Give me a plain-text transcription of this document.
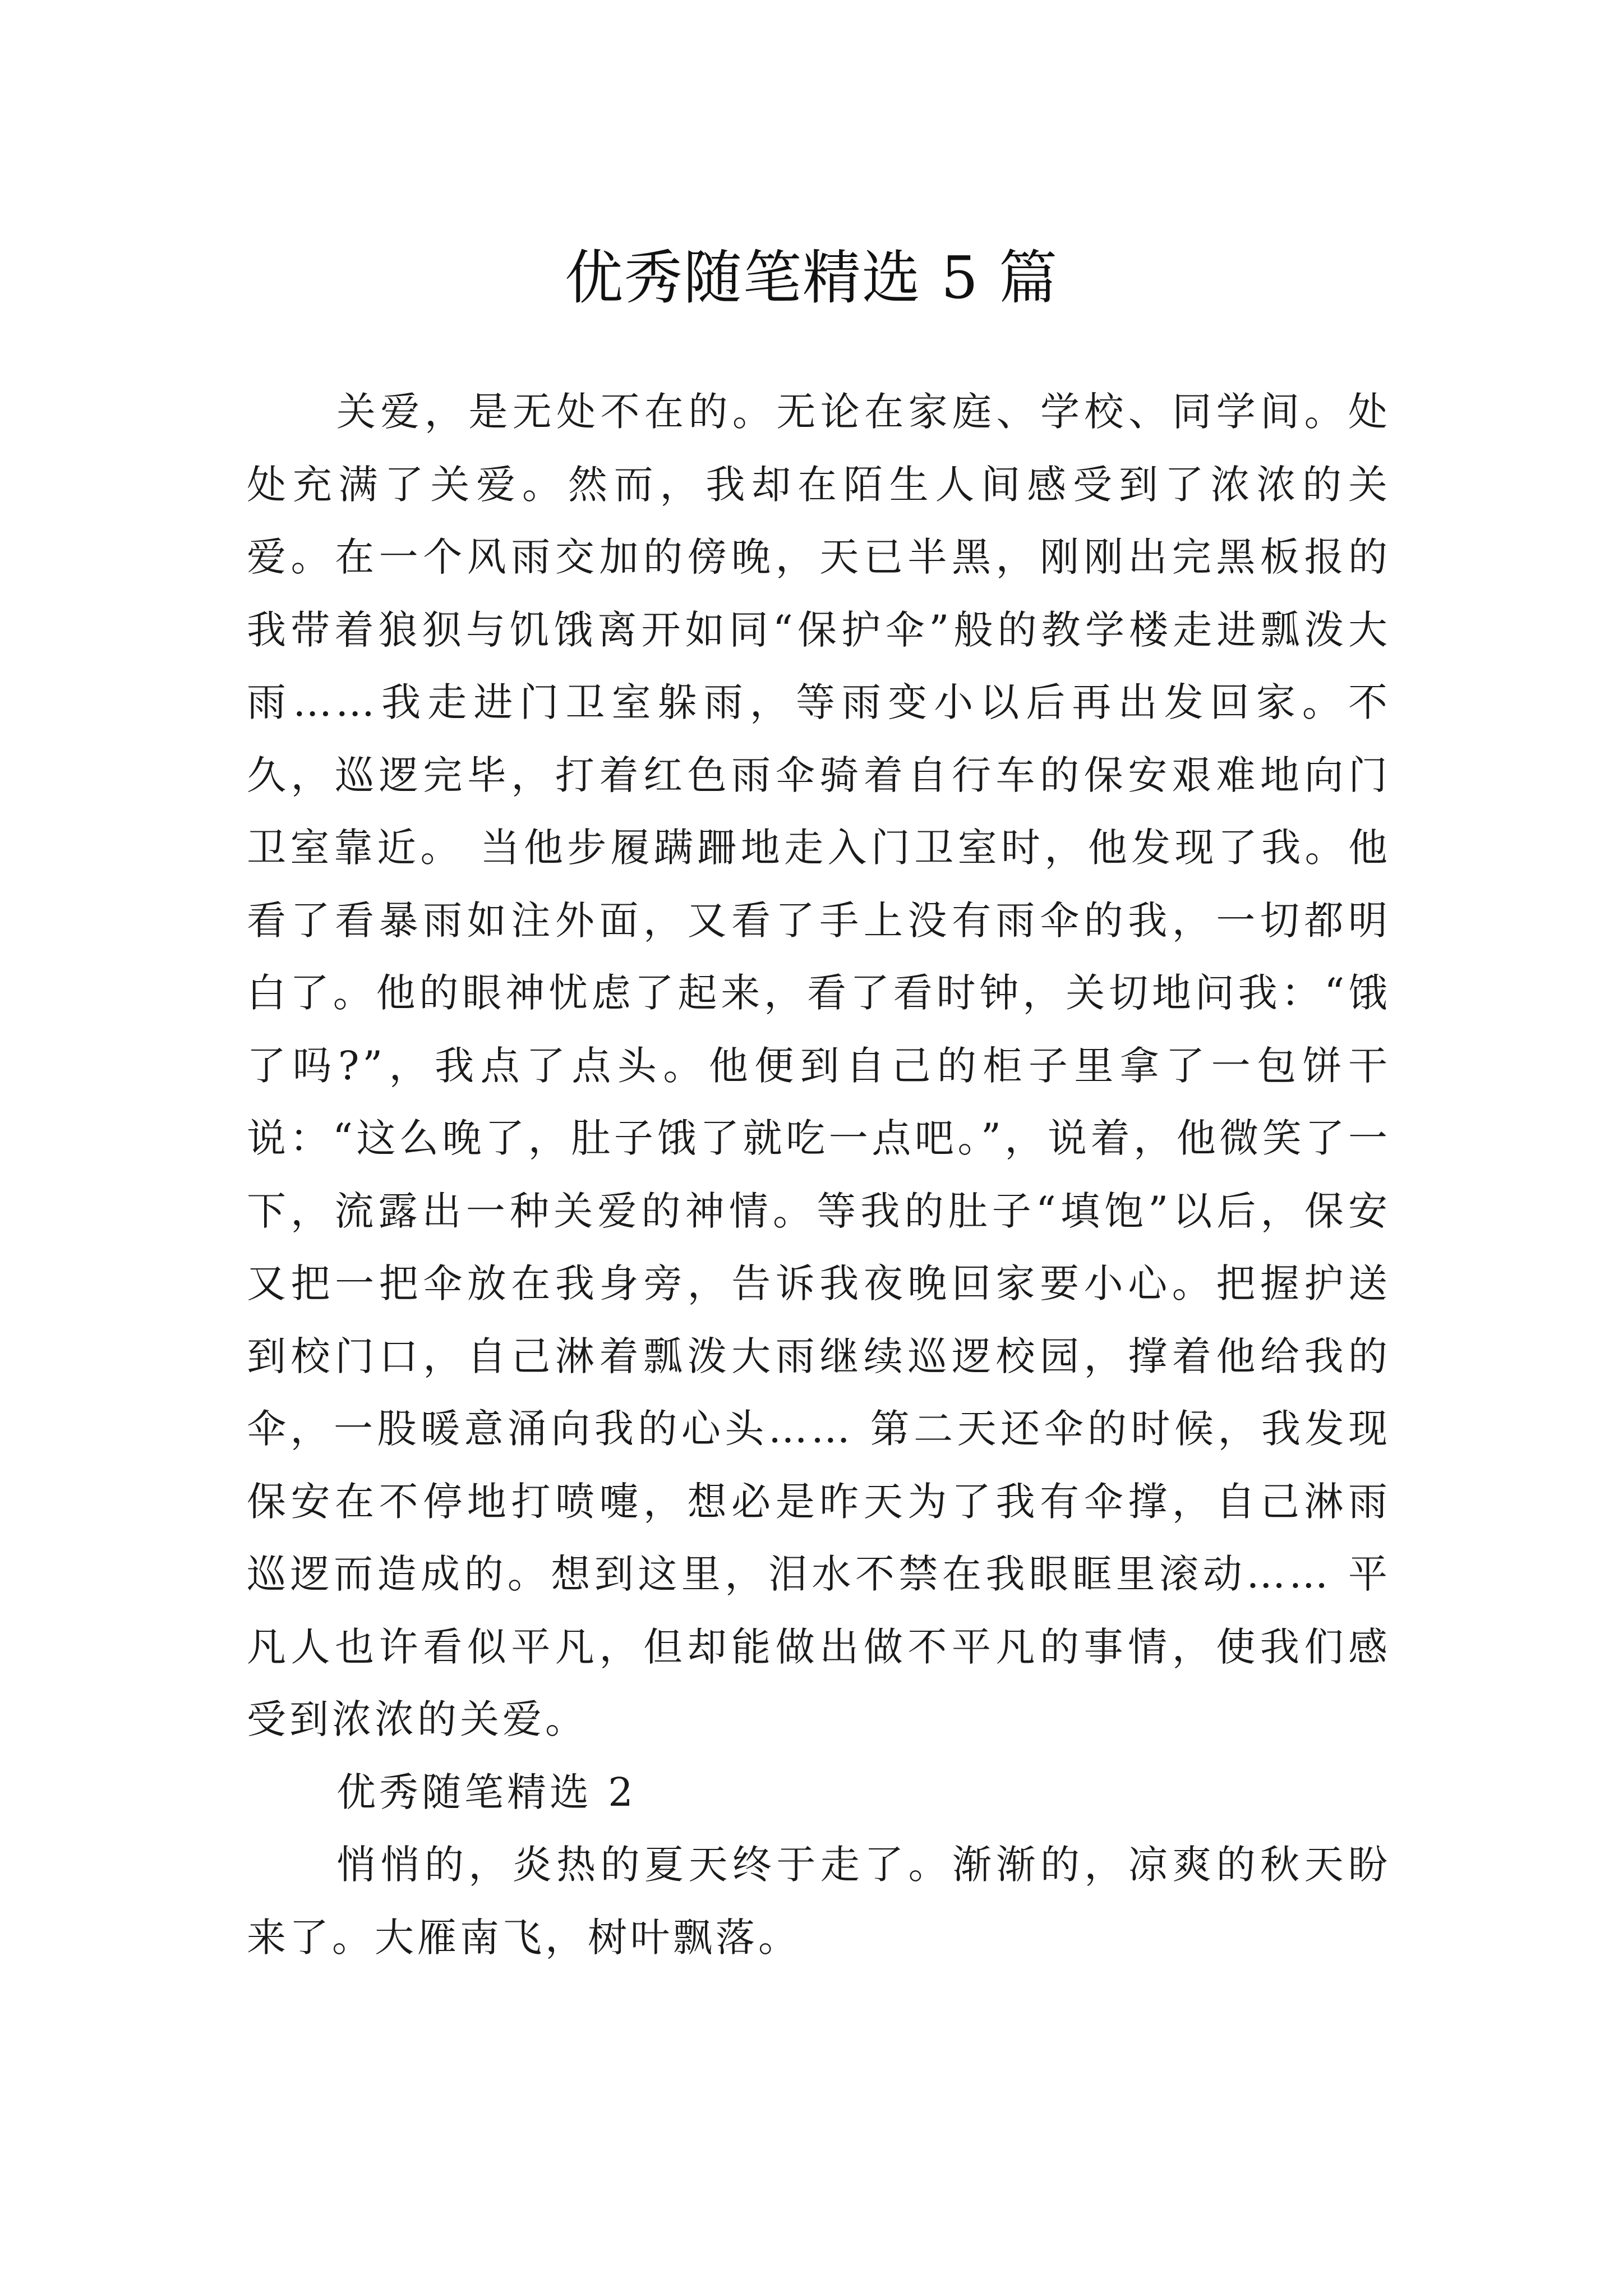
优秀随笔精选 5 篇

关爱，是无处不在的。无论在家庭、学校、同学间。处处充满了关爱。然而，我却在陌生人间感受到了浓浓的关爱。在一个风雨交加的傍晚，天已半黑，刚刚出完黑板报的我带着狼狈与饥饿离开如同“保护伞”般的教学楼走进瓢泼大雨……我走进门卫室躲雨，等雨变小以后再出发回家。不久，巡逻完毕，打着红色雨伞骑着自行车的保安艰难地向门卫室靠近。 当他步履蹒跚地走入门卫室时，他发现了我。他看了看暴雨如注外面，又看了手上没有雨伞的我，一切都明白了。他的眼神忧虑了起来，看了看时钟，关切地问我：“饿了吗?”，我点了点头。他便到自己的柜子里拿了一包饼干说：“这么晚了，肚子饿了就吃一点吧。”，说着，他微笑了一下，流露出一种关爱的神情。等我的肚子“填饱”以后，保安又把一把伞放在我身旁，告诉我夜晚回家要小心。把握护送到校门口，自己淋着瓢泼大雨继续巡逻校园，撑着他给我的伞，一股暖意涌向我的心头…… 第二天还伞的时候，我发现保安在不停地打喷嚏，想必是昨天为了我有伞撑，自己淋雨巡逻而造成的。想到这里，泪水不禁在我眼眶里滚动…… 平凡人也许看似平凡，但却能做出做不平凡的事情，使我们感受到浓浓的关爱。

优秀随笔精选 2

悄悄的，炎热的夏天终于走了。渐渐的，凉爽的秋天盼来了。大雁南飞，树叶飘落。
